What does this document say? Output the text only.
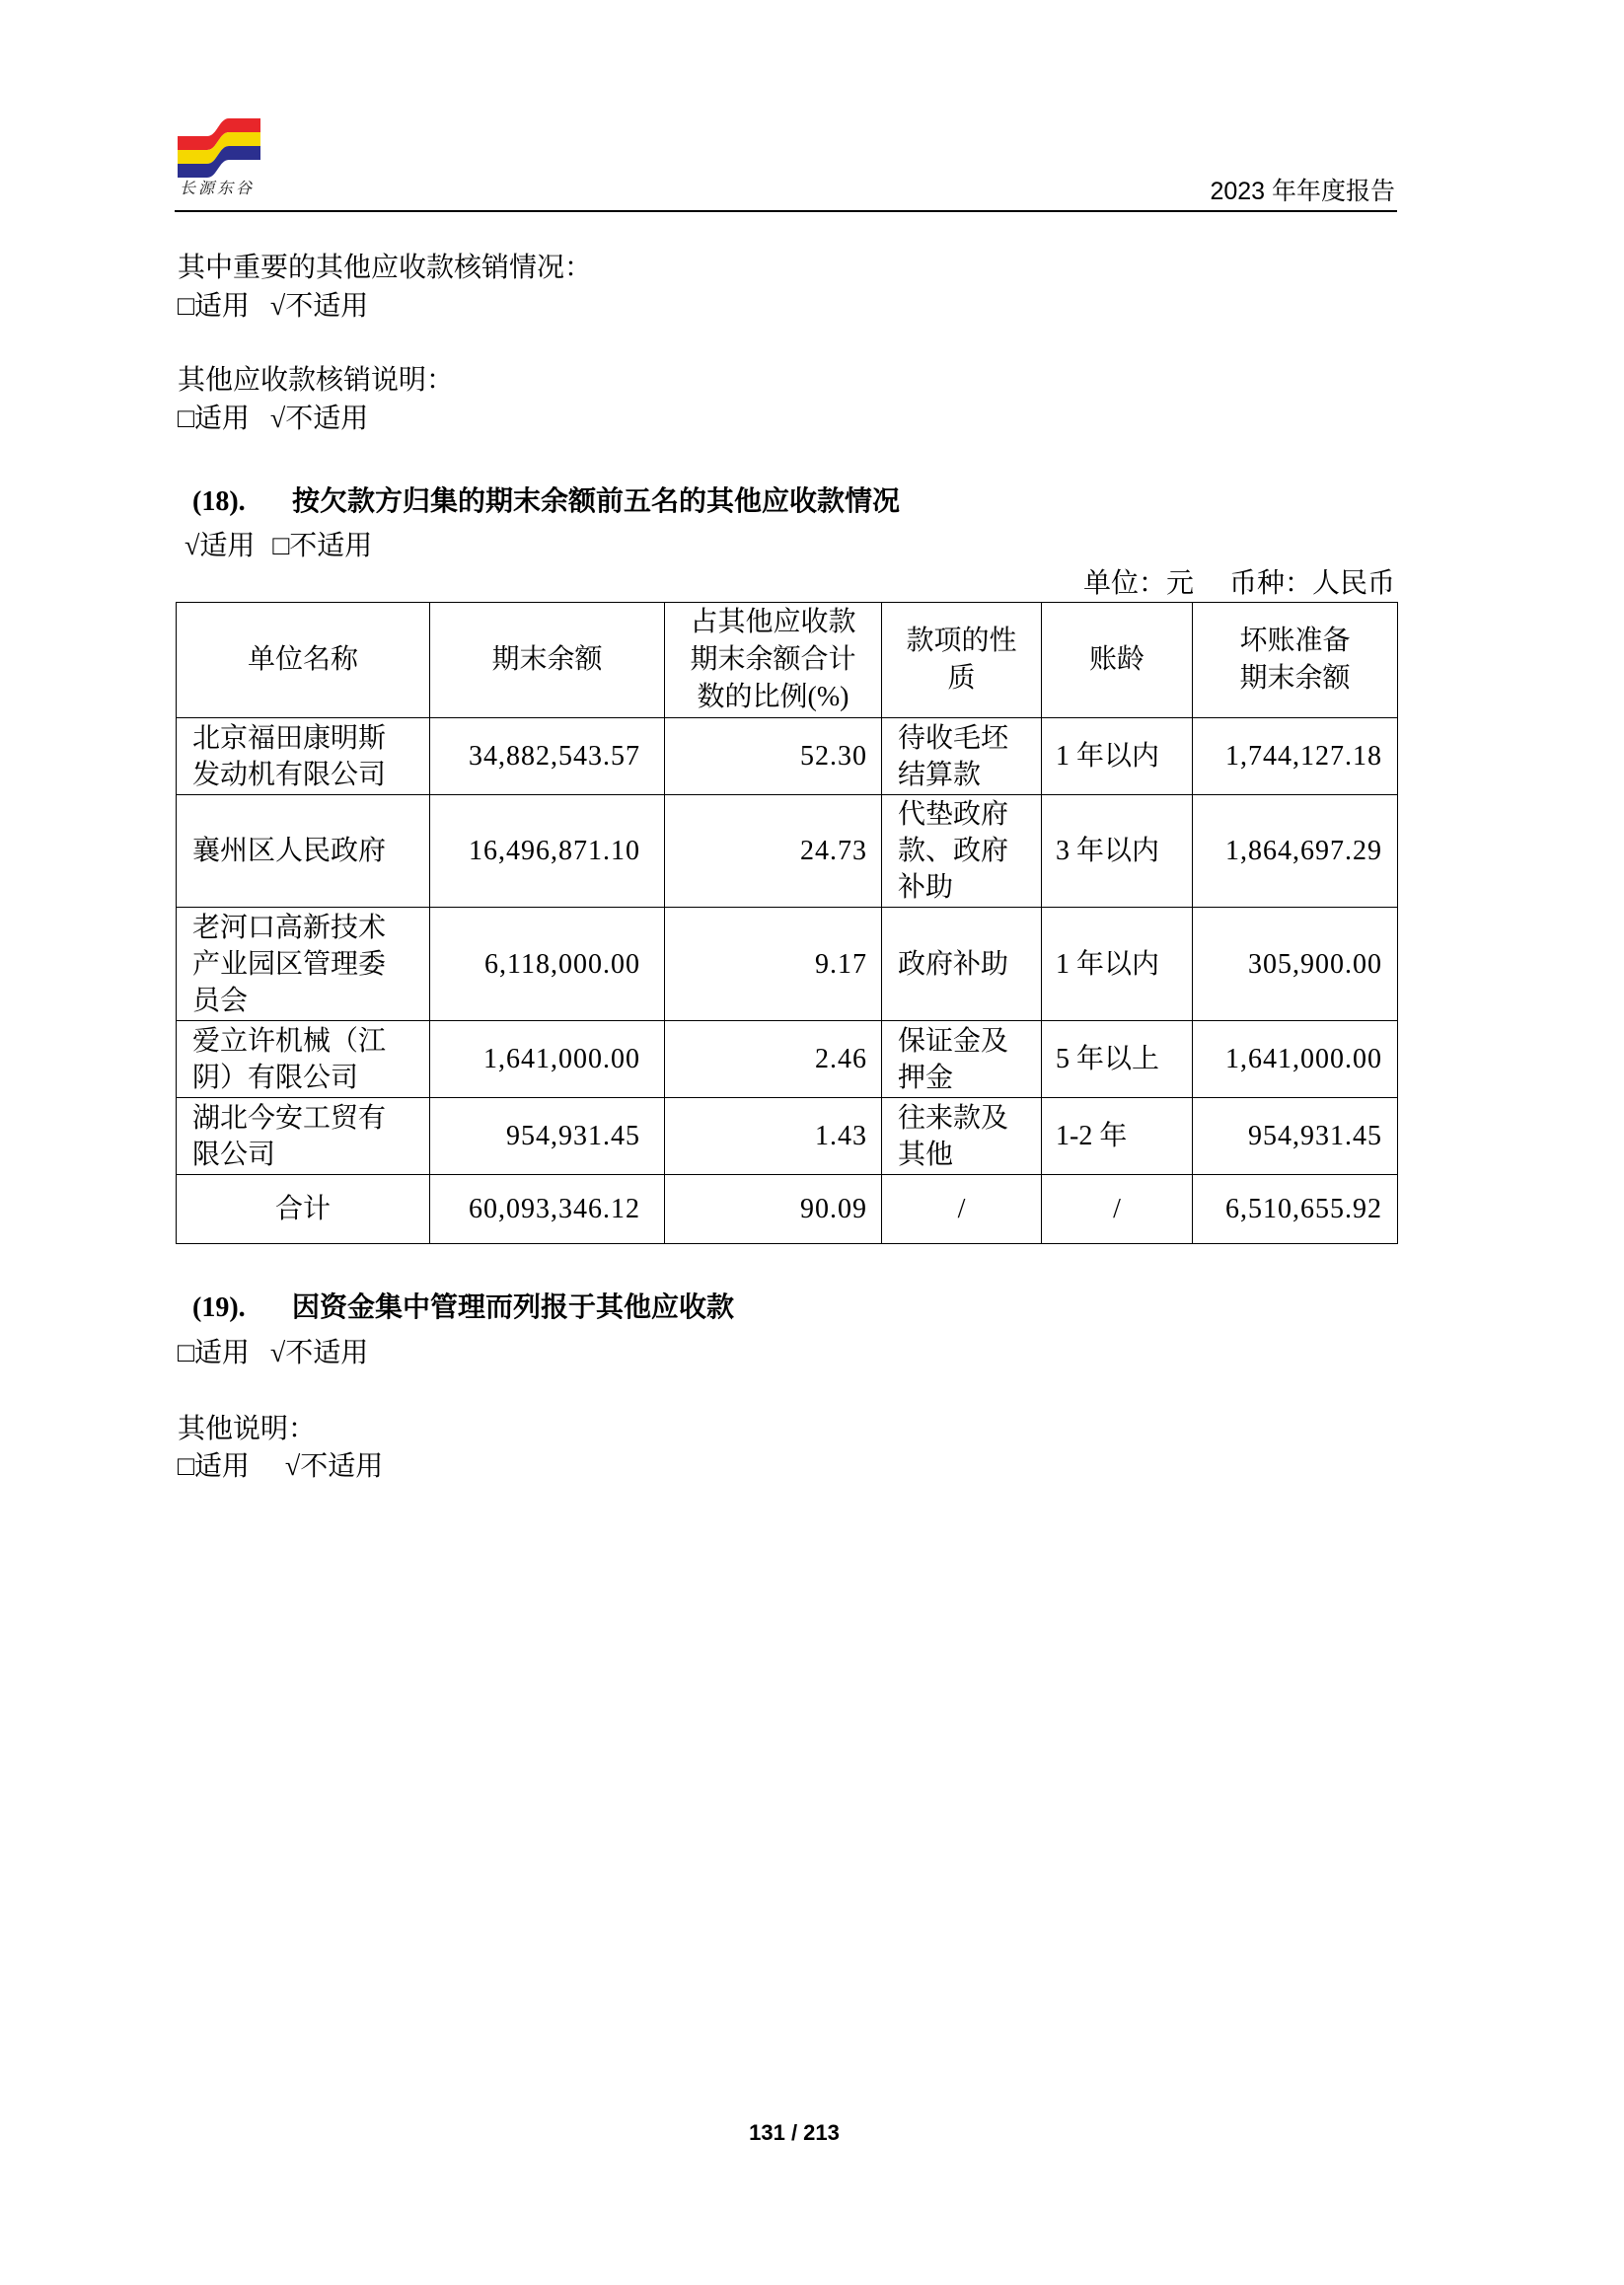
长源东谷	2023 年年度报告
其中重要的其他应收款核销情况：
□适用 √不适用
其他应收款核销说明：
□适用 √不适用
(18). 按欠款方归集的期末余额前五名的其他应收款情况
√适用 □不适用
单位：元 币种：人民币
单位名称	期末余额	占其他应收款期末余额合计数的比例(%)	款项的性质	账龄	坏账准备期末余额
北京福田康明斯发动机有限公司	34,882,543.57	52.30	待收毛坯结算款	1 年以内	1,744,127.18
襄州区人民政府	16,496,871.10	24.73	代垫政府款、政府补助	3 年以内	1,864,697.29
老河口高新技术产业园区管理委员会	6,118,000.00	9.17	政府补助	1 年以内	305,900.00
爱立许机械（江阴）有限公司	1,641,000.00	2.46	保证金及押金	5 年以上	1,641,000.00
湖北今安工贸有限公司	954,931.45	1.43	往来款及其他	1-2 年	954,931.45
合计	60,093,346.12	90.09	/	/	6,510,655.92
(19). 因资金集中管理而列报于其他应收款
□适用 √不适用
其他说明：
□适用 √不适用
131 / 213
